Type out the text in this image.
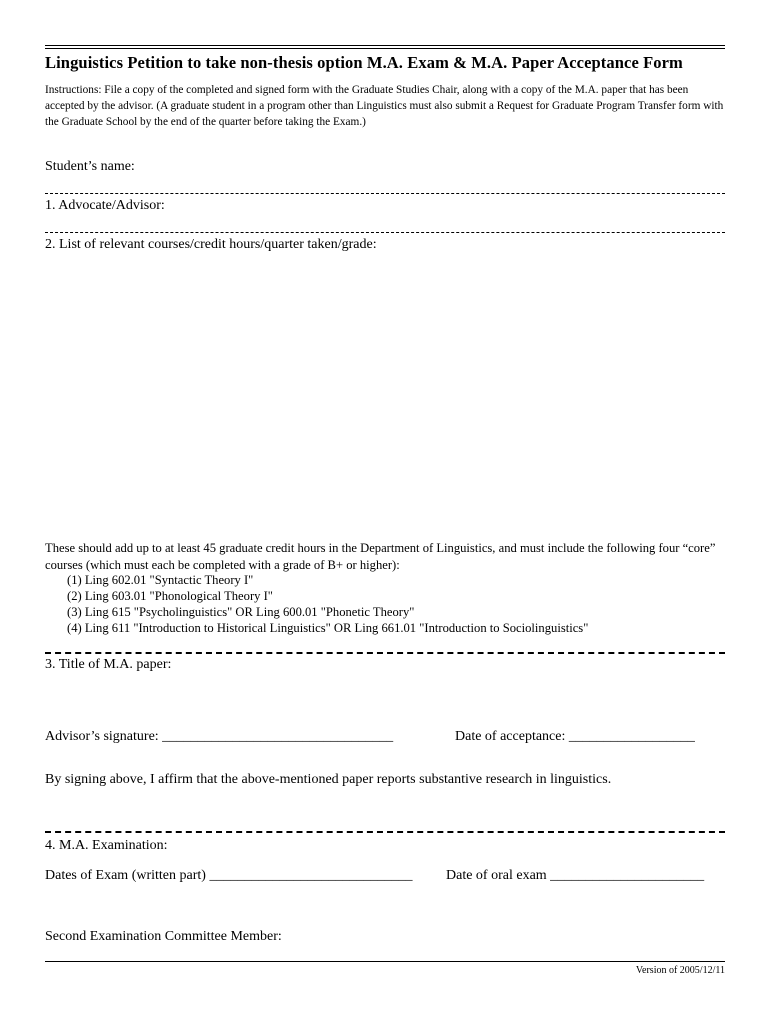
Linguistics Petition to take non-thesis option M.A. Exam & M.A. Paper Acceptance Form
Instructions: File a copy of the completed and signed form with the Graduate Studies Chair, along with a copy of the M.A. paper that has been accepted by the advisor. (A graduate student in a program other than Linguistics must also submit a Request for Graduate Program Transfer form with the Graduate School by the end of the quarter before taking the Exam.)
Student’s name:
1. Advocate/Advisor:
2. List of relevant courses/credit hours/quarter taken/grade:
These should add up to at least 45 graduate credit hours in the Department of Linguistics, and must include the following four “core” courses (which must each be completed with a grade of B+ or higher):
(1) Ling 602.01 "Syntactic Theory I"
(2) Ling 603.01 "Phonological Theory I"
(3) Ling 615 "Psycholinguistics" OR Ling 600.01 "Phonetic Theory"
(4) Ling 611 "Introduction to Historical Linguistics" OR Ling 661.01 "Introduction to Sociolinguistics"
3. Title of M.A. paper:
Advisor’s signature: _________________________________	Date of acceptance: __________________
By signing above, I affirm that the above-mentioned paper reports substantive research in linguistics.
4. M.A. Examination:
Dates of Exam (written part) _____________________________ Date of oral exam ______________________
Second Examination Committee Member:
Version of 2005/12/11
